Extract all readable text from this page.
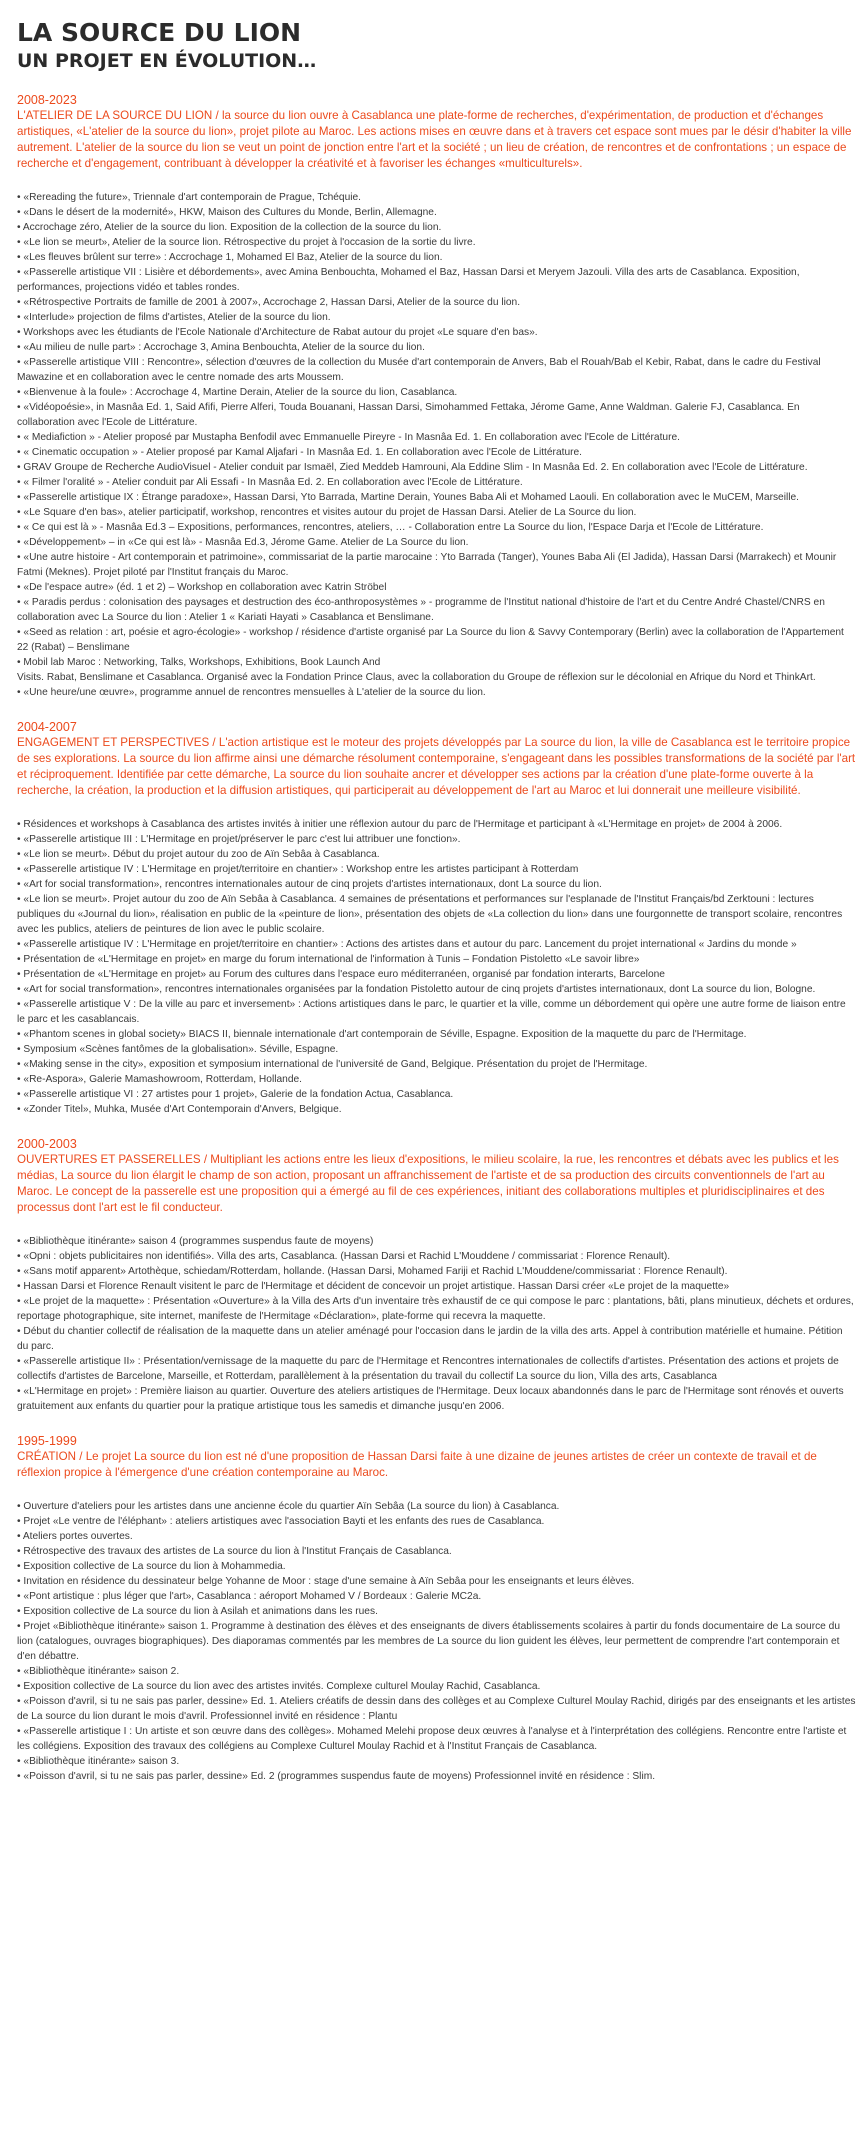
LA SOURCE DU LION
UN PROJET EN ÉVOLUTION…
2008-2023
L'ATELIER DE LA SOURCE DU LION / la source du lion ouvre à Casablanca une plate-forme de recherches, d'expérimentation, de production et d'échanges artistiques, «L'atelier de la source du lion», projet pilote au Maroc. Les actions mises en œuvre dans et à travers cet espace sont mues par le désir d'habiter la ville autrement. L'atelier de la source du lion se veut un point de jonction entre l'art et la société ; un lieu de création, de rencontres et de confrontations ; un espace de recherche et d'engagement, contribuant à développer la créativité et à favoriser les échanges «multiculturels».
• «Rereading the future», Triennale d'art contemporain de Prague, Tchéquie.
• «Dans le désert de la modernité», HKW, Maison des Cultures du Monde, Berlin, Allemagne.
• Accrochage zéro, Atelier de la source du lion. Exposition de la collection de la source du lion.
• «Le lion se meurt», Atelier de la source lion. Rétrospective du projet à l'occasion de la sortie du livre.
• «Les fleuves brûlent sur terre» : Accrochage 1, Mohamed El Baz, Atelier de la source du lion.
• «Passerelle artistique VII : Lisière et débordements», avec Amina Benbouchta, Mohamed el Baz, Hassan Darsi et Meryem Jazouli. Villa des arts de Casablanca. Exposition, performances, projections vidéo et tables rondes.
• «Rétrospective Portraits de famille de 2001 à 2007», Accrochage 2, Hassan Darsi, Atelier de la source du lion.
• «Interlude» projection de films d'artistes, Atelier de la source du lion.
• Workshops avec les étudiants de l'Ecole Nationale d'Architecture de Rabat autour du projet «Le square d'en bas».
• «Au milieu de nulle part» : Accrochage 3, Amina Benbouchta, Atelier de la source du lion.
• «Passerelle artistique VIII : Rencontre», sélection d'œuvres de la collection du Musée d'art contemporain de Anvers, Bab el Rouah/Bab el Kebir, Rabat, dans le cadre du Festival Mawazine et en collaboration avec le centre nomade des arts Moussem.
• «Bienvenue à la foule» : Accrochage 4, Martine Derain, Atelier de la source du lion, Casablanca.
• «Vidéopoésie», in Masnâa Ed. 1, Said Afifi, Pierre Alferi, Touda Bouanani, Hassan Darsi, Simohammed Fettaka, Jérome Game, Anne Waldman. Galerie FJ, Casablanca. En collaboration avec l'Ecole de Littérature.
• « Mediafiction » - Atelier proposé par Mustapha Benfodil avec Emmanuelle Pireyre - In Masnâa Ed. 1. En collaboration avec l'Ecole de Littérature.
• « Cinematic occupation » - Atelier proposé par Kamal Aljafari - In Masnâa Ed. 1. En collaboration avec l'Ecole de Littérature.
• GRAV Groupe de Recherche AudioVisuel - Atelier conduit par Ismaël, Zied Meddeb Hamrouni, Ala Eddine Slim - In Masnâa Ed. 2. En collaboration avec l'Ecole de Littérature.
• « Filmer l'oralité » - Atelier conduit par Ali Essafi - In Masnâa Ed. 2. En collaboration avec l'Ecole de Littérature.
• «Passerelle artistique IX : Étrange paradoxe», Hassan Darsi, Yto Barrada, Martine Derain, Younes Baba Ali et Mohamed Laouli. En collaboration avec le MuCEM, Marseille.
• «Le Square d'en bas», atelier participatif, workshop, rencontres et visites autour du projet de Hassan Darsi. Atelier de La Source du lion.
• « Ce qui est là » - Masnâa Ed.3 – Expositions, performances, rencontres, ateliers, … - Collaboration entre La Source du lion, l'Espace Darja et l'Ecole de Littérature.
• «Développement» – in «Ce qui est là» - Masnâa Ed.3, Jérome Game. Atelier de La Source du lion.
• «Une autre histoire - Art contemporain et patrimoine», commissariat de la partie marocaine : Yto Barrada (Tanger), Younes Baba Ali (El Jadida), Hassan Darsi (Marrakech) et Mounir Fatmi (Meknes). Projet piloté par l'Institut français du Maroc.
• «De l'espace autre» (éd. 1 et 2) – Workshop en collaboration avec Katrin Ströbel
• « Paradis perdus : colonisation des paysages et destruction des éco-anthroposystèmes » - programme de l'Institut national d'histoire de l'art et du Centre André Chastel/CNRS en collaboration avec La Source du lion : Atelier 1 « Kariati Hayati » Casablanca et Benslimane.
• «Seed as relation : art, poésie et agro-écologie» - workshop / résidence d'artiste organisé par La Source du lion & Savvy Contemporary (Berlin) avec la collaboration de l'Appartement 22 (Rabat) – Benslimane
• Mobil lab Maroc : Networking, Talks, Workshops, Exhibitions, Book Launch And
Visits. Rabat, Benslimane et Casablanca. Organisé avec la Fondation Prince Claus, avec la collaboration du Groupe de réflexion sur le décolonial en Afrique du Nord et ThinkArt.
• «Une heure/une œuvre», programme annuel de rencontres mensuelles à L'atelier de la source du lion.
2004-2007
ENGAGEMENT ET PERSPECTIVES / L'action artistique est le moteur des projets développés par La source du lion, la ville de Casablanca est le territoire propice de ses explorations. La source du lion affirme ainsi une démarche résolument contemporaine, s'engageant dans les possibles transformations de la société par l'art et réciproquement. Identifiée par cette démarche, La source du lion souhaite ancrer et développer ses actions par la création d'une plate-forme ouverte à la recherche, la création, la production et la diffusion artistiques, qui participerait au développement de l'art au Maroc et lui donnerait une meilleure visibilité.
• Résidences et workshops à Casablanca des artistes invités à initier une réflexion autour du parc de l'Hermitage et participant à «L'Hermitage en projet» de 2004 à 2006.
• «Passerelle artistique III : L'Hermitage en projet/préserver le parc c'est lui attribuer une fonction».
• «Le lion se meurt». Début du projet autour du zoo de Aïn Sebâa à Casablanca.
• «Passerelle artistique IV : L'Hermitage en projet/territoire en chantier» : Workshop entre les artistes participant à Rotterdam
• «Art for social transformation», rencontres internationales autour de cinq projets d'artistes internationaux, dont La source du lion.
• «Le lion se meurt». Projet autour du zoo de Aïn Sebâa à Casablanca. 4 semaines de présentations et performances sur l'esplanade de l'Institut Français/bd Zerktouni : lectures publiques du «Journal du lion», réalisation en public de la «peinture de lion», présentation des objets de «La collection du lion» dans une fourgonnette de transport scolaire, rencontres avec les publics, ateliers de peintures de lion avec le public scolaire.
• «Passerelle artistique IV : L'Hermitage en projet/territoire en chantier» : Actions des artistes dans et autour du parc. Lancement du projet international « Jardins du monde »
• Présentation de «L'Hermitage en projet» en marge du forum international de l'information à Tunis – Fondation Pistoletto «Le savoir libre»
• Présentation de «L'Hermitage en projet» au Forum des cultures dans l'espace euro méditerranéen, organisé par fondation interarts, Barcelone
• «Art for social transformation», rencontres internationales organisées par la fondation Pistoletto autour de cinq projets d'artistes internationaux, dont La source du lion, Bologne.
• «Passerelle artistique V : De la ville au parc et inversement» : Actions artistiques dans le parc, le quartier et la ville, comme un débordement qui opère une autre forme de liaison entre le parc et les casablancais.
• «Phantom scenes in global society» BIACS II, biennale internationale d'art contemporain de Séville, Espagne. Exposition de la maquette du parc de l'Hermitage.
• Symposium «Scènes fantômes de la globalisation». Séville, Espagne.
• «Making sense in the city», exposition et symposium international de l'université de Gand, Belgique. Présentation du projet de l'Hermitage.
• «Re-Aspora», Galerie Mamashowroom, Rotterdam, Hollande.
• «Passerelle artistique VI : 27 artistes pour 1 projet», Galerie de la fondation Actua, Casablanca.
• «Zonder Titel», Muhka, Musée d'Art Contemporain d'Anvers, Belgique.
2000-2003
OUVERTURES ET PASSERELLES / Multipliant les actions entre les lieux d'expositions, le milieu scolaire, la rue, les rencontres et débats avec les publics et les médias, La source du lion élargit le champ de son action, proposant un affranchissement de l'artiste et de sa production des circuits conventionnels de l'art au Maroc. Le concept de la passerelle est une proposition qui a émergé au fil de ces expériences, initiant des collaborations multiples et pluridisciplinaires et des processus dont l'art est le fil conducteur.
• «Bibliothèque itinérante» saison 4 (programmes suspendus faute de moyens)
• «Opni : objets publicitaires non identifiés». Villa des arts, Casablanca. (Hassan Darsi et Rachid L'Mouddene / commissariat : Florence Renault).
• «Sans motif apparent» Artothèque, schiedam/Rotterdam, hollande. (Hassan Darsi, Mohamed Fariji et Rachid L'Mouddene/commissariat : Florence Renault).
• Hassan Darsi et Florence Renault visitent le parc de l'Hermitage et décident de concevoir un projet artistique. Hassan Darsi créer «Le projet de la maquette»
• «Le projet de la maquette» : Présentation «Ouverture» à la Villa des Arts d'un inventaire très exhaustif de ce qui compose le parc : plantations, bâti, plans minutieux, déchets et ordures, reportage photographique, site internet, manifeste de l'Hermitage «Déclaration», plate-forme qui recevra la maquette.
• Début du chantier collectif de réalisation de la maquette dans un atelier aménagé pour l'occasion dans le jardin de la villa des arts. Appel à contribution matérielle et humaine. Pétition du parc.
• «Passerelle artistique II» : Présentation/vernissage de la maquette du parc de l'Hermitage et Rencontres internationales de collectifs d'artistes. Présentation des actions et projets de collectifs d'artistes de Barcelone, Marseille, et Rotterdam, parallèlement à la présentation du travail du collectif La source du lion, Villa des arts, Casablanca
• «L'Hermitage en projet» : Première liaison au quartier. Ouverture des ateliers artistiques de l'Hermitage. Deux locaux abandonnés dans le parc de l'Hermitage sont rénovés et ouverts gratuitement aux enfants du quartier pour la pratique artistique tous les samedis et dimanche jusqu'en 2006.
1995-1999
CRÉATION / Le projet La source du lion est né d'une proposition de Hassan Darsi faite à une dizaine de jeunes artistes de créer un contexte de travail et de réflexion propice à l'émergence d'une création contemporaine au Maroc.
• Ouverture d'ateliers pour les artistes dans une ancienne école du quartier Aïn Sebâa (La source du lion) à Casablanca.
• Projet «Le ventre de l'éléphant» : ateliers artistiques avec l'association Bayti et les enfants des rues de Casablanca.
• Ateliers portes ouvertes.
• Rétrospective des travaux des artistes de La source du lion à l'Institut Français de Casablanca.
• Exposition collective de La source du lion à Mohammedia.
• Invitation en résidence du dessinateur belge Yohanne de Moor : stage d'une semaine à Aïn Sebâa pour les enseignants et leurs élèves.
• «Pont artistique : plus léger que l'art», Casablanca : aéroport Mohamed V / Bordeaux : Galerie MC2a.
• Exposition collective de La source du lion à Asilah et animations dans les rues.
• Projet «Bibliothèque itinérante» saison 1. Programme à destination des élèves et des enseignants de divers établissements scolaires à partir du fonds documentaire de La source du lion (catalogues, ouvrages biographiques). Des diaporamas commentés par les membres de La source du lion guident les élèves, leur permettent de comprendre l'art contemporain et d'en débattre.
• «Bibliothèque itinérante» saison 2.
• Exposition collective de La source du lion avec des artistes invités. Complexe culturel Moulay Rachid, Casablanca.
• «Poisson d'avril, si tu ne sais pas parler, dessine» Ed. 1. Ateliers créatifs de dessin dans des collèges et au Complexe Culturel Moulay Rachid, dirigés par des enseignants et les artistes de La source du lion durant le mois d'avril. Professionnel invité en résidence : Plantu
• «Passerelle artistique I : Un artiste et son œuvre dans des collèges». Mohamed Melehi propose deux œuvres à l'analyse et à l'interprétation des collégiens. Rencontre entre l'artiste et les collégiens. Exposition des travaux des collégiens au Complexe Culturel Moulay Rachid et à l'Institut Français de Casablanca.
• «Bibliothèque itinérante» saison 3.
• «Poisson d'avril, si tu ne sais pas parler, dessine» Ed. 2 (programmes suspendus faute de moyens) Professionnel invité en résidence : Slim.
